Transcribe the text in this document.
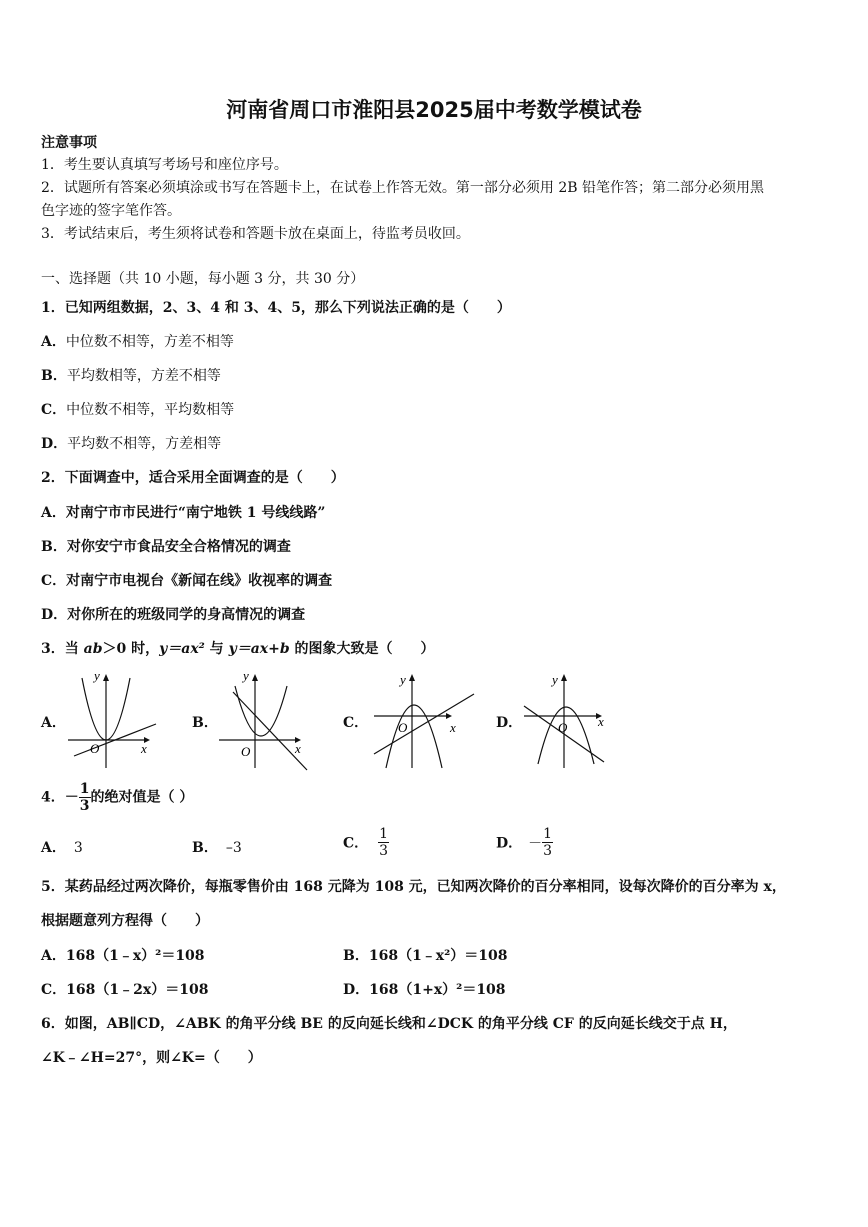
河南省周口市淮阳县2025届中考数学模试卷
注意事项
1．考生要认真填写考场号和座位序号。
2．试题所有答案必须填涂或书写在答题卡上，在试卷上作答无效。第一部分必须用 2B 铅笔作答；第二部分必须用黑
色字迹的签字笔作答。
3．考试结束后，考生须将试卷和答题卡放在桌面上，待监考员收回。
一、选择题（共 10 小题，每小题 3 分，共 30 分）
1．已知两组数据，2、3、4 和 3、4、5，那么下列说法正确的是（　　）
A．中位数不相等，方差不相等
B．平均数相等，方差不相等
C．中位数不相等，平均数相等
D．平均数不相等，方差相等
2．下面调查中，适合采用全面调查的是（　　）
A．对南宁市市民进行“南宁地铁 1 号线线路”
B．对你安宁市食品安全合格情况的调查
C．对南宁市电视台《新闻在线》收视率的调查
D．对你所在的班级同学的身高情况的调查
3．当 ab＞0 时，y＝ax² 与 y＝ax+b 的图象大致是（　　）
A．	B．	C．	D．
y
x
O
y
x
O
y
x
O
y
x
O
4．－ $\frac{1}{3}$ 的绝对值是（ ）
A． 3	B． –3	C． $\frac{1}{3}$	D． － $\frac{1}{3}$
5．某药品经过两次降价，每瓶零售价由 168 元降为 108 元，已知两次降价的百分率相同，设每次降价的百分率为 x，
根据题意列方程得（　　）
A．168（1﹣x）²＝108	B．168（1﹣x²）＝108
C．168（1﹣2x）＝108	D．168（1+x）²＝108
6．如图，AB∥CD，∠ABK 的角平分线 BE 的反向延长线和∠DCK 的角平分线 CF 的反向延长线交于点 H，
∠K﹣∠H=27°，则∠K=（　　）
